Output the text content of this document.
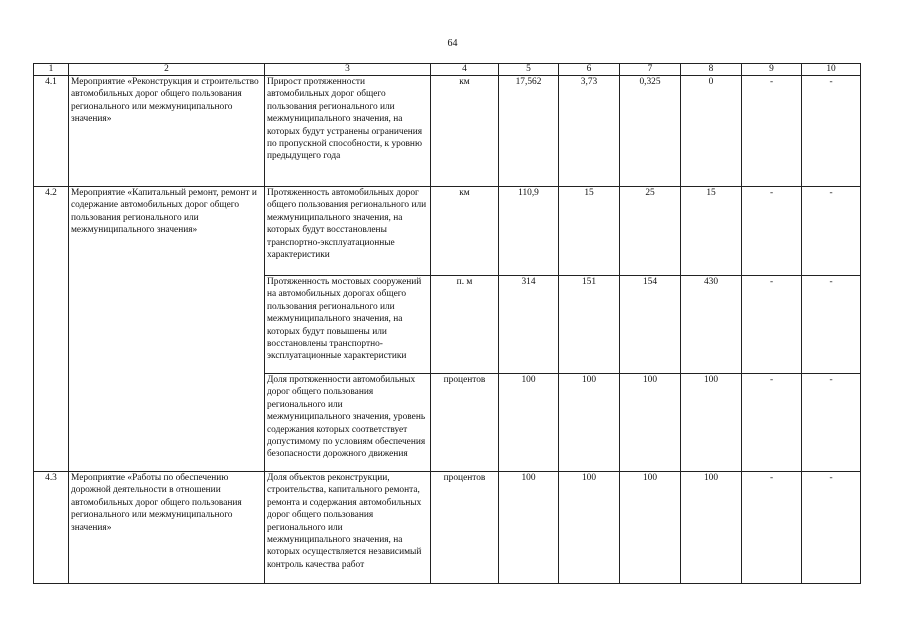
64
1	2	3	4	5	6	7	8	9	10
4.1	Мероприятие «Реконструкция и строительство автомобильных дорог общего пользования регионального или межмуниципального значения»	Прирост протяженности автомобильных дорог общего пользования регионального или межмуниципального значения, на которых будут устранены ограничения по пропускной способности, к уровню предыдущего года	км	17,562	3,73	0,325	0	-	-
4.2	Мероприятие «Капитальный ремонт, ремонт и содержание автомобильных дорог общего пользования регионального или межмуниципального значения»	Протяженность автомобильных дорог общего пользования регионального или межмуниципального значения, на которых будут восстановлены транспортно-эксплуатационные характеристики	км	110,9	15	25	15	-	-
		Протяженность мостовых сооружений на автомобильных дорогах общего пользования регионального или межмуниципального значения, на которых будут повышены или восстановлены транспортно-эксплуатационные характеристики	п. м	314	151	154	430	-	-
		Доля протяженности автомобильных дорог общего пользования регионального или межмуниципального значения, уровень содержания которых соответствует допустимому по условиям обеспечения безопасности дорожного движения	процентов	100	100	100	100	-	-
4.3	Мероприятие «Работы по обеспечению дорожной деятельности в отношении автомобильных дорог общего пользования регионального или межмуниципального значения»	Доля объектов реконструкции, строительства, капитального ремонта, ремонта и содержания автомобильных дорог общего пользования регионального или межмуниципального значения, на которых осуществляется независимый контроль качества работ	процентов	100	100	100	100	-	-
